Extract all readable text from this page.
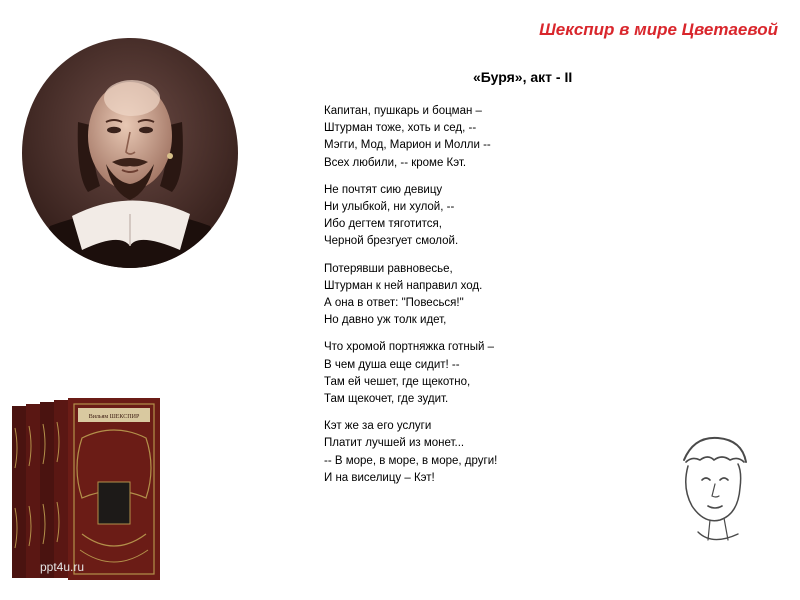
Шекспир в мире Цветаевой
«Буря», акт - II
Капитан, пушкарь и боцман –
Штурман тоже, хоть и сед, --
Мэгги, Мод, Марион и Молли --
Всех любили, -- кроме Кэт.
Не почтят сию девицу
Ни улыбкой, ни хулой, --
Ибо дегтем тяготится,
Черной брезгует смолой.
Потерявши равновесье,
Штурман к ней направил ход.
А она в ответ: "Повесься!"
Но давно уж толк идет,
Что хромой портняжка готный –
В чем душа еще сидит! --
Там ей чешет, где щекотно,
Там щекочет, где зудит.
Кэт же за его услуги
Платит лучшей из монет...
-- В море, в море, в море, други!
И на виселицу – Кэт!
Вильям ШЕКСПИР
ppt4u.ru
